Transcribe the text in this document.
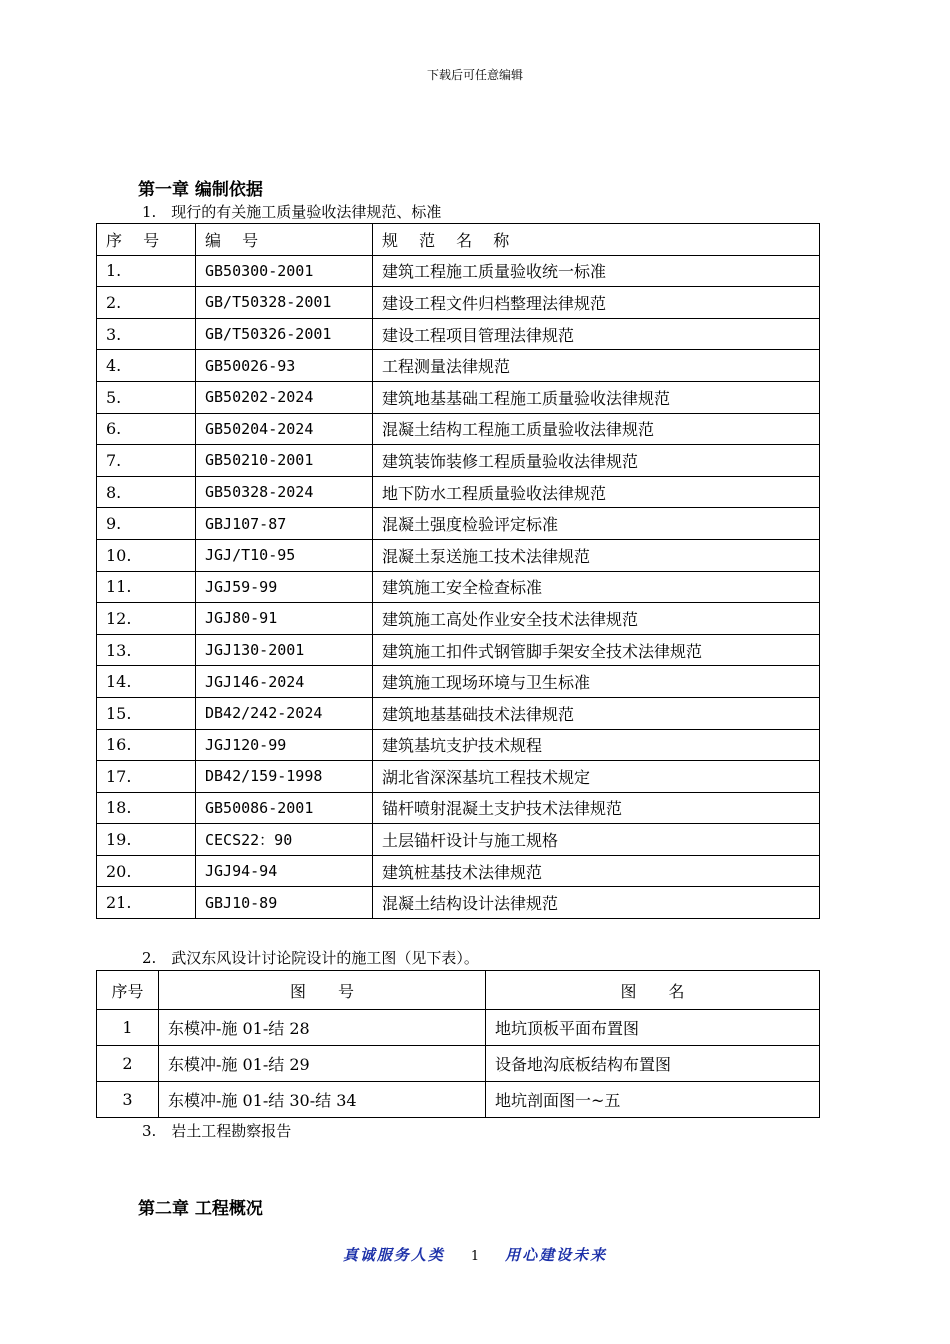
下载后可任意编辑
第一章 编制依据
1.　现行的有关施工质量验收法律规范、标准
序 号	编 号	规 范 名 称
1.	GB50300-2001	建筑工程施工质量验收统一标准
2.	GB/T50328-2001	建设工程文件归档整理法律规范
3.	GB/T50326-2001	建设工程项目管理法律规范
4.	GB50026-93	工程测量法律规范
5.	GB50202-2024	建筑地基基础工程施工质量验收法律规范
6.	GB50204-2024	混凝土结构工程施工质量验收法律规范
7.	GB50210-2001	建筑装饰装修工程质量验收法律规范
8.	GB50328-2024	地下防水工程质量验收法律规范
9.	GBJ107-87	混凝土强度检验评定标准
10.	JGJ/T10-95	混凝土泵送施工技术法律规范
11.	JGJ59-99	建筑施工安全检查标准
12.	JGJ80-91	建筑施工高处作业安全技术法律规范
13.	JGJ130-2001	建筑施工扣件式钢管脚手架安全技术法律规范
14.	JGJ146-2024	建筑施工现场环境与卫生标准
15.	DB42/242-2024	建筑地基基础技术法律规范
16.	JGJ120-99	建筑基坑支护技术规程
17.	DB42/159-1998	湖北省深深基坑工程技术规定
18.	GB50086-2001	锚杆喷射混凝土支护技术法律规范
19.	CECS22：90	土层锚杆设计与施工规格
20.	JGJ94-94	建筑桩基技术法律规范
21.	GBJ10-89	混凝土结构设计法律规范
2.　武汉东风设计讨论院设计的施工图（见下表）。
序号	图　　号	图　　名
1	东模冲-施 01-结 28	地坑顶板平面布置图
2	东模冲-施 01-结 29	设备地沟底板结构布置图
3	东模冲-施 01-结 30-结 34	地坑剖面图一~五
3.　岩土工程勘察报告
第二章 工程概况
真诚服务人类 1 用心建设未来
